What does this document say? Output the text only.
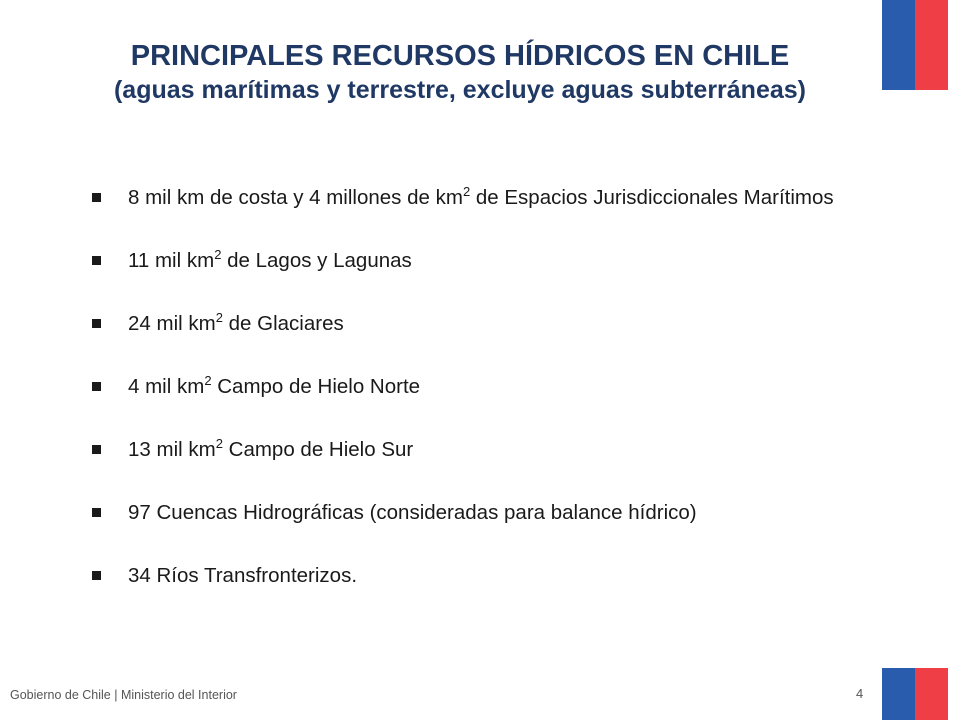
PRINCIPALES RECURSOS HÍDRICOS EN CHILE
(aguas marítimas y terrestre, excluye aguas subterráneas)
8 mil km de costa y 4 millones de $km^2$ de Espacios Jurisdiccionales Marítimos
11 mil $km^2$ de Lagos y Lagunas
24 mil $km^2$ de Glaciares
4 mil $km^2$ Campo de Hielo Norte
13 mil $km^2$ Campo de Hielo Sur
97 Cuencas Hidrográficas (consideradas para balance hídrico)
34 Ríos Transfronterizos.
Gobierno de Chile | Ministerio del Interior	4
